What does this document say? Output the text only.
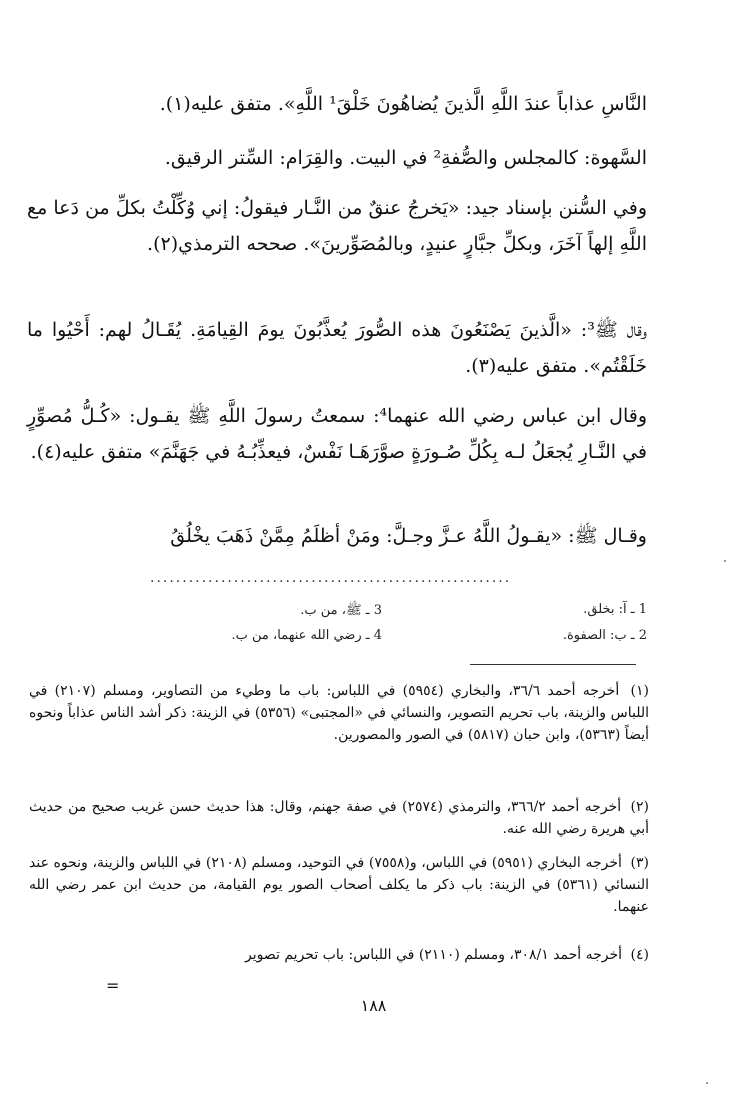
النَّاسِ عذاباً عندَ اللَّهِ الَّذينَ يُضاهُونَ خَلْقَ¹ اللَّهِ». متفق عليه(١).
السَّهوة: كالمجلس والصُّفةِ² في البيت. والقِرَام: السِّتر الرقيق.
وفي السُّنن بإسناد جيد: «يَخرجُ عنقٌ من النَّـار فيقولُ: إني وُكِّلْتُ بكلِّ من دَعا مع اللَّهِ إلهاً آخَرَ، وبكلِّ جبَّارٍ عنيدٍ، وبالمُصَوِّرينَ». صححه الترمذي(٢).
وقال ﷺ³: «الَّذينَ يَصْنَعُونَ هذه الصُّورَ يُعذَّبُونَ يومَ القِيامَةِ. يُقَـالُ لهم: أَحْيُوا ما خَلَقْتُم». متفق عليه(٣).
وقال ابن عباس رضي الله عنهما⁴: سمعتُ رسولَ اللَّهِ ﷺ يقـول: «كُـلُّ مُصوِّرٍ في النَّـارِ يُجعَلُ لـه بِكُلِّ صُـورَةٍ صوَّرَهَـا نَفْسٌ، فيعذِّبُـهُ في جَهَنَّمَ» متفق عليه(٤).
وقـال ﷺ: «يقـولُ اللَّهُ عـزَّ وجـلَّ: ومَنْ أظلَمُ مِمَّنْ ذَهَبَ يخْلُقُ
........................................................
1 ـ آ: بخلق.
2 ـ ب: الصفوة.
3 ـ ﷺ، من ب.
4 ـ رضي الله عنهما، من ب.
(١) أخرجه أحمد ٣٦/٦، والبخاري (٥٩٥٤) في اللباس: باب ما وطيء من التصاوير، ومسلم (٢١٠٧) في اللباس والزينة، باب تحريم التصوير، والنسائي في «المجتبى» (٥٣٥٦) في الزينة: ذكر أشد الناس عذاباً ونحوه أيضاً (٥٣٦٣)، وابن حبان (٥٨١٧) في الصور والمصورين.
(٢) أخرجه أحمد ٣٦٦/٢، والترمذي (٢٥٧٤) في صفة جهنم، وقال: هذا حديث حسن غريب صحيح من حديث أبي هريرة رضي الله عنه.
(٣) أخرجه البخاري (٥٩٥١) في اللباس، و(٧٥٥٨) في التوحيد، ومسلم (٢١٠٨) في اللباس والزينة، ونحوه عند النسائي (٥٣٦١) في الزينة: باب ذكر ما يكلف أصحاب الصور يوم القيامة، من حديث ابن عمر رضي الله عنهما.
(٤) أخرجه أحمد ٣٠٨/١، ومسلم (٢١١٠) في اللباس: باب تحريم تصوير
=
١٨٨
